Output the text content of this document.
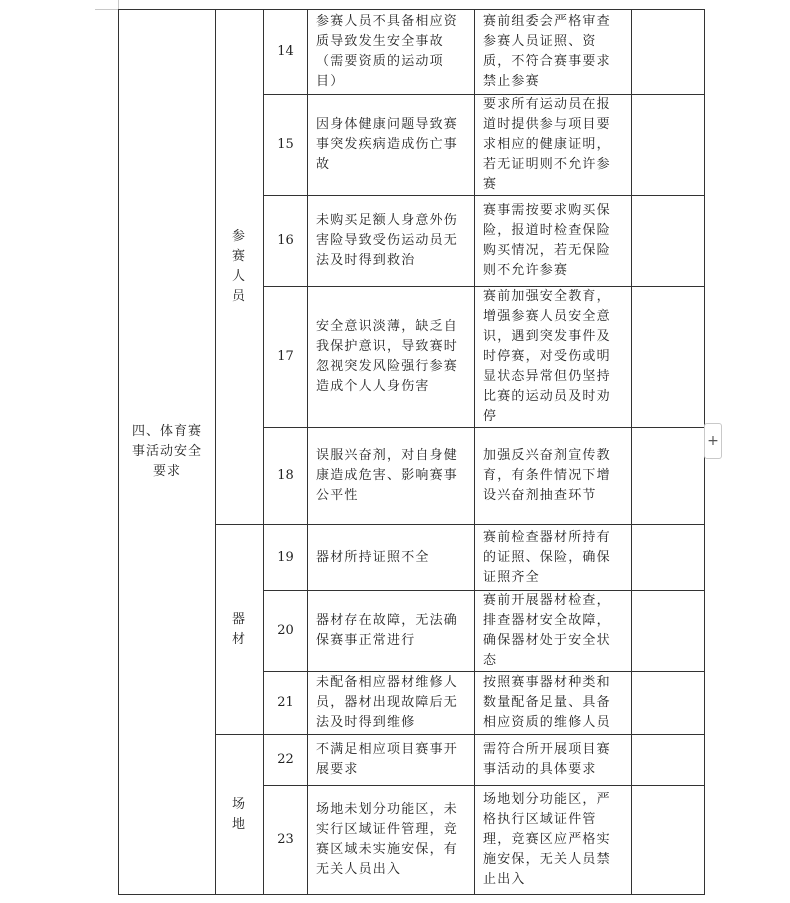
四、体育赛事活动安全要求	参赛人员	14	参赛人员不具备相应资质导致发生安全事故（需要资质的运动项目）	赛前组委会严格审查参赛人员证照、资质，不符合赛事要求禁止参赛	
		15	因身体健康问题导致赛事突发疾病造成伤亡事故	要求所有运动员在报道时提供参与项目要求相应的健康证明，若无证明则不允许参赛	
		16	未购买足额人身意外伤害险导致受伤运动员无法及时得到救治	赛事需按要求购买保险，报道时检查保险购买情况，若无保险则不允许参赛	
		17	安全意识淡薄，缺乏自我保护意识，导致赛时忽视突发风险强行参赛造成个人人身伤害	赛前加强安全教育，增强参赛人员安全意识，遇到突发事件及时停赛，对受伤或明显状态异常但仍坚持比赛的运动员及时劝停	
		18	误服兴奋剂，对自身健康造成危害、影响赛事公平性	加强反兴奋剂宣传教育，有条件情况下增设兴奋剂抽查环节	
	器材	19	器材所持证照不全	赛前检查器材所持有的证照、保险，确保证照齐全	
		20	器材存在故障，无法确保赛事正常进行	赛前开展器材检查，排查器材安全故障，确保器材处于安全状态	
		21	未配备相应器材维修人员，器材出现故障后无法及时得到维修	按照赛事器材种类和数量配备足量、具备相应资质的维修人员	
	场地	22	不满足相应项目赛事开展要求	需符合所开展项目赛事活动的具体要求	
		23	场地未划分功能区，未实行区域证件管理，竞赛区域未实施安保，有无关人员出入	场地划分功能区，严格执行区域证件管理，竞赛区应严格实施安保，无关人员禁止出入	
+
